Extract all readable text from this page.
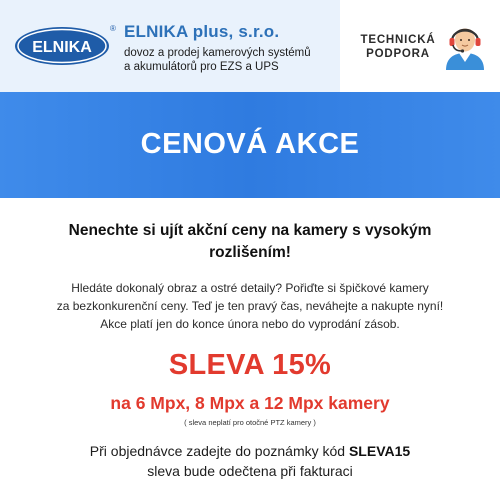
ELNIKA
® ELNIKA plus, s.r.o.
dovoz a prodej kamerových systémů
a akumulátorů pro EZS a UPS
TECHNICKÁ
PODPORA
CENOVÁ AKCE
Nenechte si ujít akční ceny na kamery s vysokým
rozlišením!
Hledáte dokonalý obraz a ostré detaily? Pořiďte si špičkové kamery
za bezkonkurenční ceny. Teď je ten pravý čas, neváhejte a nakupte nyní!
Akce platí jen do konce února nebo do vyprodání zásob.
SLEVA 15%
na 6 Mpx, 8 Mpx a 12 Mpx kamery
( sleva neplatí pro otočné PTZ kamery )
Při objednávce zadejte do poznámky kód SLEVA15
sleva bude odečtena při fakturaci
